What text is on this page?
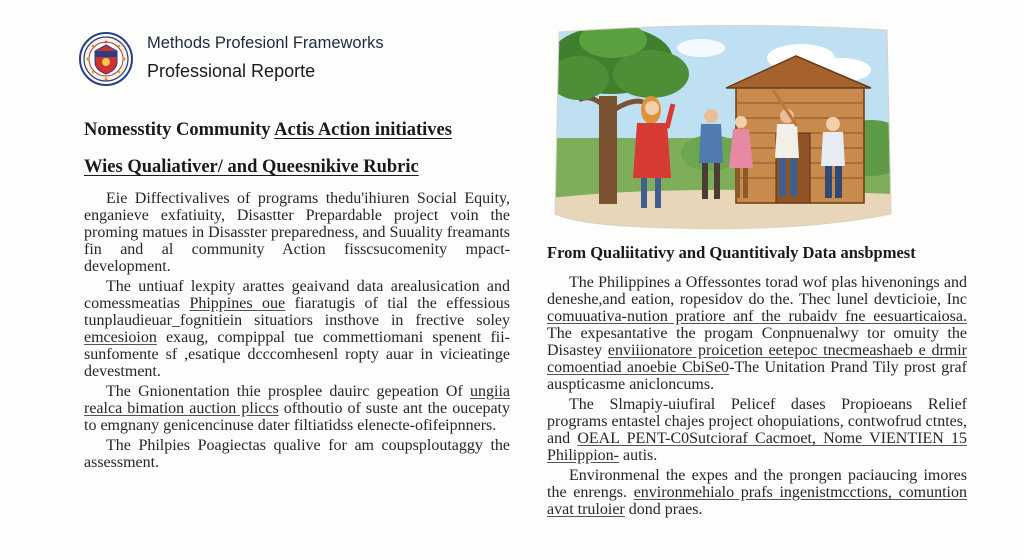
Methods Profesionl Frameworks
Professional Reporte
Nomesstity Community Actis Action initiatives
Wies Qualiativer/ and Queesnikive Rubric

Eie Diffectivalives of programs thedu'ihiuren Social Equity, enganieve exfatiuity, Disastter Prepardable project voin the proming matues in Disasster preparedness, and Suuality freamants fin and al community Action fisscsucomenity mpact-development.

The untiuaf lexpity arattes geaivand data arealusication and comessmeatias Phippines oue fiaratugis of tial the effessious tunplaudieuar_fognitiein situatiors insthove in frective soley emcesioion exaug, compippal tue commettiomani spenent fii-sunfomente sf ,esatique dcccomhesenl ropty auar in vicieatinge devestment.

The Gnionentation thie prosplee dauirc gepeation Of ungiia realca bimation auction pliccs ofthoutio of suste ant the oucepaty to emgnany genicencinuse dater filtiatidss elenecte-ofifeipnners.

The Philpies Poagiectas qualive for am coupsploutaggy the assessment.

From Qualiitativy and Quantitivaly Data ansbpmest

The Philippines a Offessontes torad wof plas hivenonings and deneshe,and eation, ropesidov do the. Thec lunel devticioie, Inc comuuativa-nution pratiore anf the rubaidv fne eesuarticaiosa. The expesantative the progam Conpnuenalwy tor omuity the Disastey enviiionatore proicetion eetepoc tnecmeashaeb e drmir comoentiad anoebie CbiSe0-The Unitation Prand Tily prost graf auspticasme anicloncums.

The Slmapiy-uiufiral Pelicef dases Propioeans Relief programs entastel chajes project ohopuiations, contwofrud ctntes, and OEAL PENT-C0Sutcioraf Cacmoet, Nome VIENTIEN 15 Philippion- autis.

Environmenal the expes and the prongen paciaucing imores the enrengs. environmehialo prafs ingenistmcctions, comuntion avat truloier dond praes.
